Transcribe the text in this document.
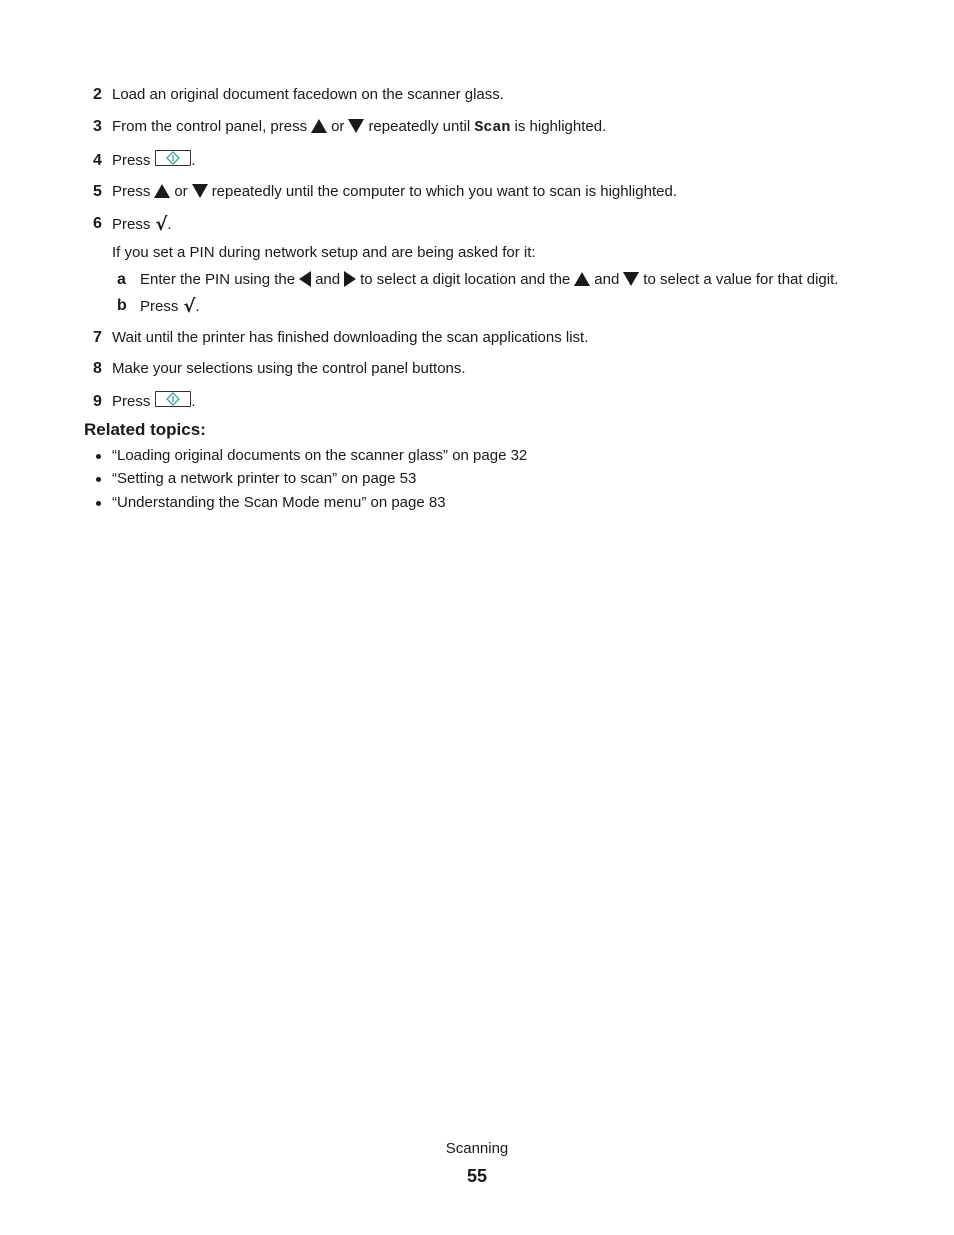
2 Load an original document facedown on the scanner glass.
3 From the control panel, press or repeatedly until Scan is highlighted.
4 Press	.
5 Press or repeatedly until the computer to which you want to scan is highlighted.
6 Press √.
If you set a PIN during network setup and are being asked for it:
a Enter the PIN using the and to select a digit location and the and to select a value for that digit.
b Press √.
7 Wait until the printer has finished downloading the scan applications list.
8 Make your selections using the control panel buttons.
9 Press	.
Related topics:
“Loading original documents on the scanner glass” on page 32
“Setting a network printer to scan” on page 53
“Understanding the Scan Mode menu” on page 83
Scanning
55
